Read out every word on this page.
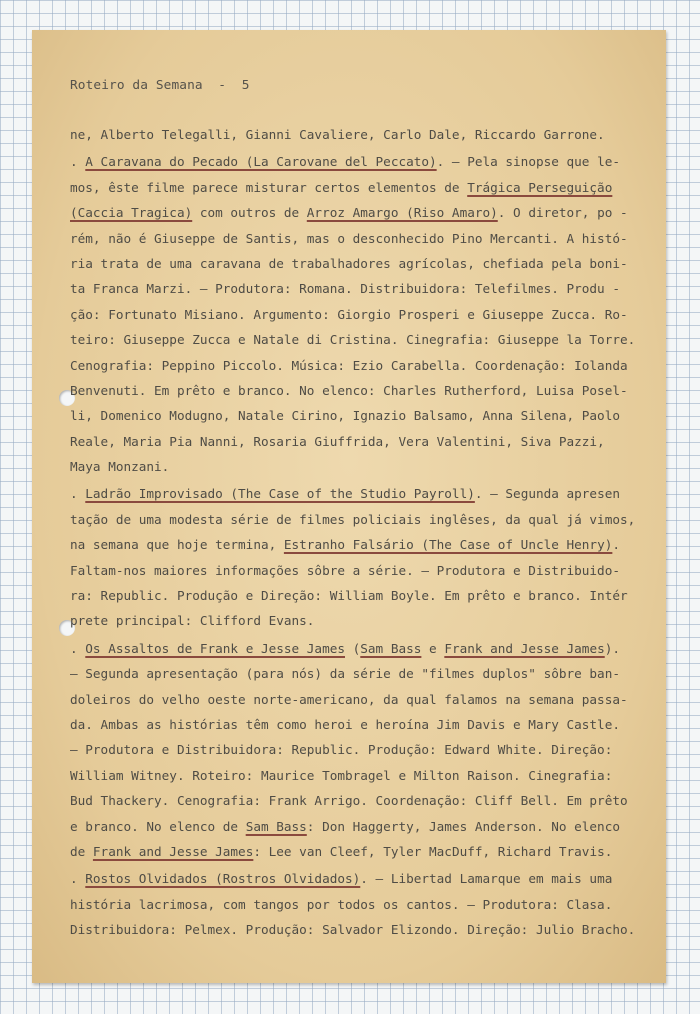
Roteiro da Semana  -  5
ne, Alberto Telegalli, Gianni Cavaliere, Carlo Dale, Riccardo Garrone.
. A Caravana do Pecado (La Carovane del Peccato). — Pela sinopse que le-
mos, êste filme parece misturar certos elementos de Trágica Perseguição
(Caccia Tragica) com outros de Arroz Amargo (Riso Amaro). O diretor, po -
rém, não é Giuseppe de Santis, mas o desconhecido Pino Mercanti. A histó-
ria trata de uma caravana de trabalhadores agrícolas, chefiada pela boni-
ta Franca Marzi. — Produtora: Romana. Distribuidora: Telefilmes. Produ -
ção: Fortunato Misiano. Argumento: Giorgio Prosperi e Giuseppe Zucca. Ro-
teiro: Giuseppe Zucca e Natale di Cristina. Cinegrafia: Giuseppe la Torre.
Cenografia: Peppino Piccolo. Música: Ezio Carabella. Coordenação: Iolanda
Benvenuti. Em prêto e branco. No elenco: Charles Rutherford, Luisa Posel-
li, Domenico Modugno, Natale Cirino, Ignazio Balsamo, Anna Silena, Paolo
Reale, Maria Pia Nanni, Rosaria Giuffrida, Vera Valentini, Siva Pazzi,
Maya Monzani.
. Ladrão Improvisado (The Case of the Studio Payroll). — Segunda apresen
tação de uma modesta série de filmes policiais inglêses, da qual já vimos,
na semana que hoje termina, Estranho Falsário (The Case of Uncle Henry).
Faltam-nos maiores informações sôbre a série. — Produtora e Distribuido-
ra: Republic. Produção e Direção: William Boyle. Em prêto e branco. Intér
prete principal: Clifford Evans.
. Os Assaltos de Frank e Jesse James (Sam Bass e Frank and Jesse James).
— Segunda apresentação (para nós) da série de "filmes duplos" sôbre ban-
doleiros do velho oeste norte-americano, da qual falamos na semana passa-
da. Ambas as histórias têm como heroi e heroína Jim Davis e Mary Castle.
— Produtora e Distribuidora: Republic. Produção: Edward White. Direção:
William Witney. Roteiro: Maurice Tombragel e Milton Raison. Cinegrafia:
Bud Thackery. Cenografia: Frank Arrigo. Coordenação: Cliff Bell. Em prêto
e branco. No elenco de Sam Bass: Don Haggerty, James Anderson. No elenco
de Frank and Jesse James: Lee van Cleef, Tyler MacDuff, Richard Travis.
. Rostos Olvidados (Rostros Olvidados). — Libertad Lamarque em mais uma
história lacrimosa, com tangos por todos os cantos. — Produtora: Clasa.
Distribuidora: Pelmex. Produção: Salvador Elizondo. Direção: Julio Bracho.
